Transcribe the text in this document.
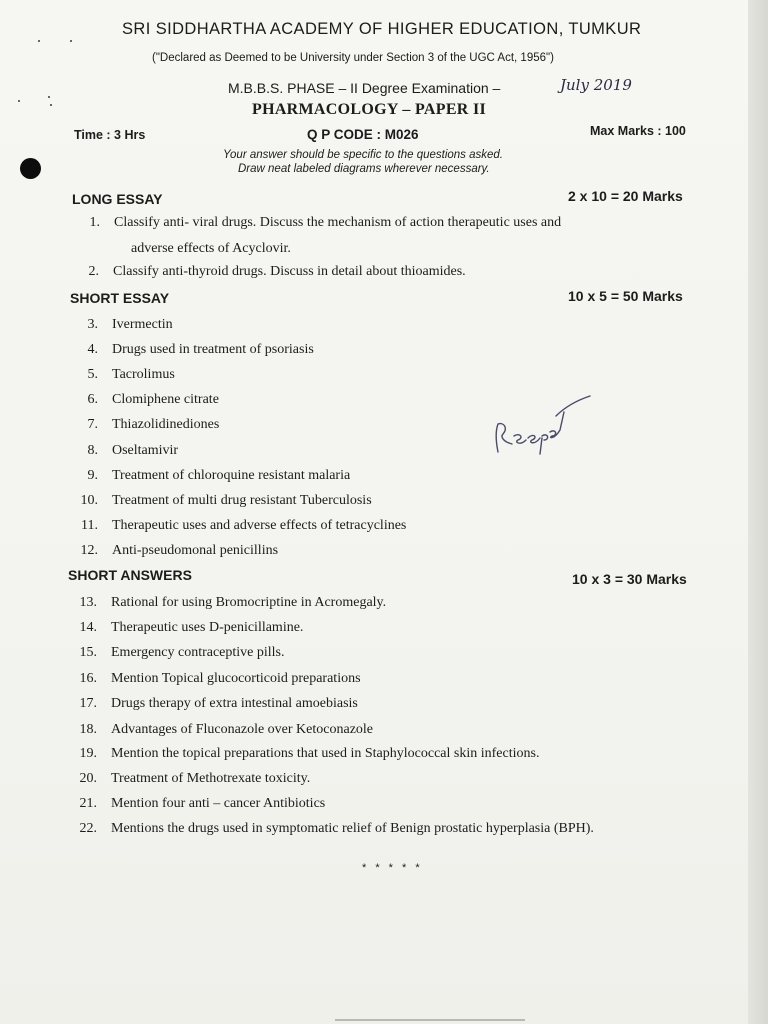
SRI SIDDHARTHA ACADEMY OF HIGHER EDUCATION, TUMKUR
("Declared as Deemed to be University under Section 3 of the UGC Act, 1956")
M.B.B.S. PHASE – II Degree Examination –	July 2019
PHARMACOLOGY – PAPER II
Time : 3 Hrs	Q P CODE : M026	Max Marks : 100
Your answer should be specific to the questions asked.
Draw neat labeled diagrams wherever necessary.
LONG ESSAY	2 x 10 = 20 Marks
1. Classify anti- viral drugs. Discuss the mechanism of action therapeutic uses and
adverse effects of Acyclovir.
2. Classify anti-thyroid drugs. Discuss in detail about thioamides.
SHORT ESSAY	10 x 5 = 50 Marks
3. Ivermectin
4. Drugs used in treatment of psoriasis
5. Tacrolimus
6. Clomiphene citrate
7. Thiazolidinediones
8. Oseltamivir
9. Treatment of chloroquine resistant malaria
10. Treatment of multi drug resistant Tuberculosis
11. Therapeutic uses and adverse effects of tetracyclines
12. Anti-pseudomonal penicillins
SHORT ANSWERS	10 x 3 = 30 Marks
13. Rational for using Bromocriptine in Acromegaly.
14. Therapeutic uses D-penicillamine.
15. Emergency contraceptive pills.
16. Mention Topical glucocorticoid preparations
17. Drugs therapy of extra intestinal amoebiasis
18. Advantages of Fluconazole over Ketoconazole
19. Mention the topical preparations that used in Staphylococcal skin infections.
20. Treatment of Methotrexate toxicity.
21. Mention four anti – cancer Antibiotics
22. Mentions the drugs used in symptomatic relief of Benign prostatic hyperplasia (BPH).
* * * * *
